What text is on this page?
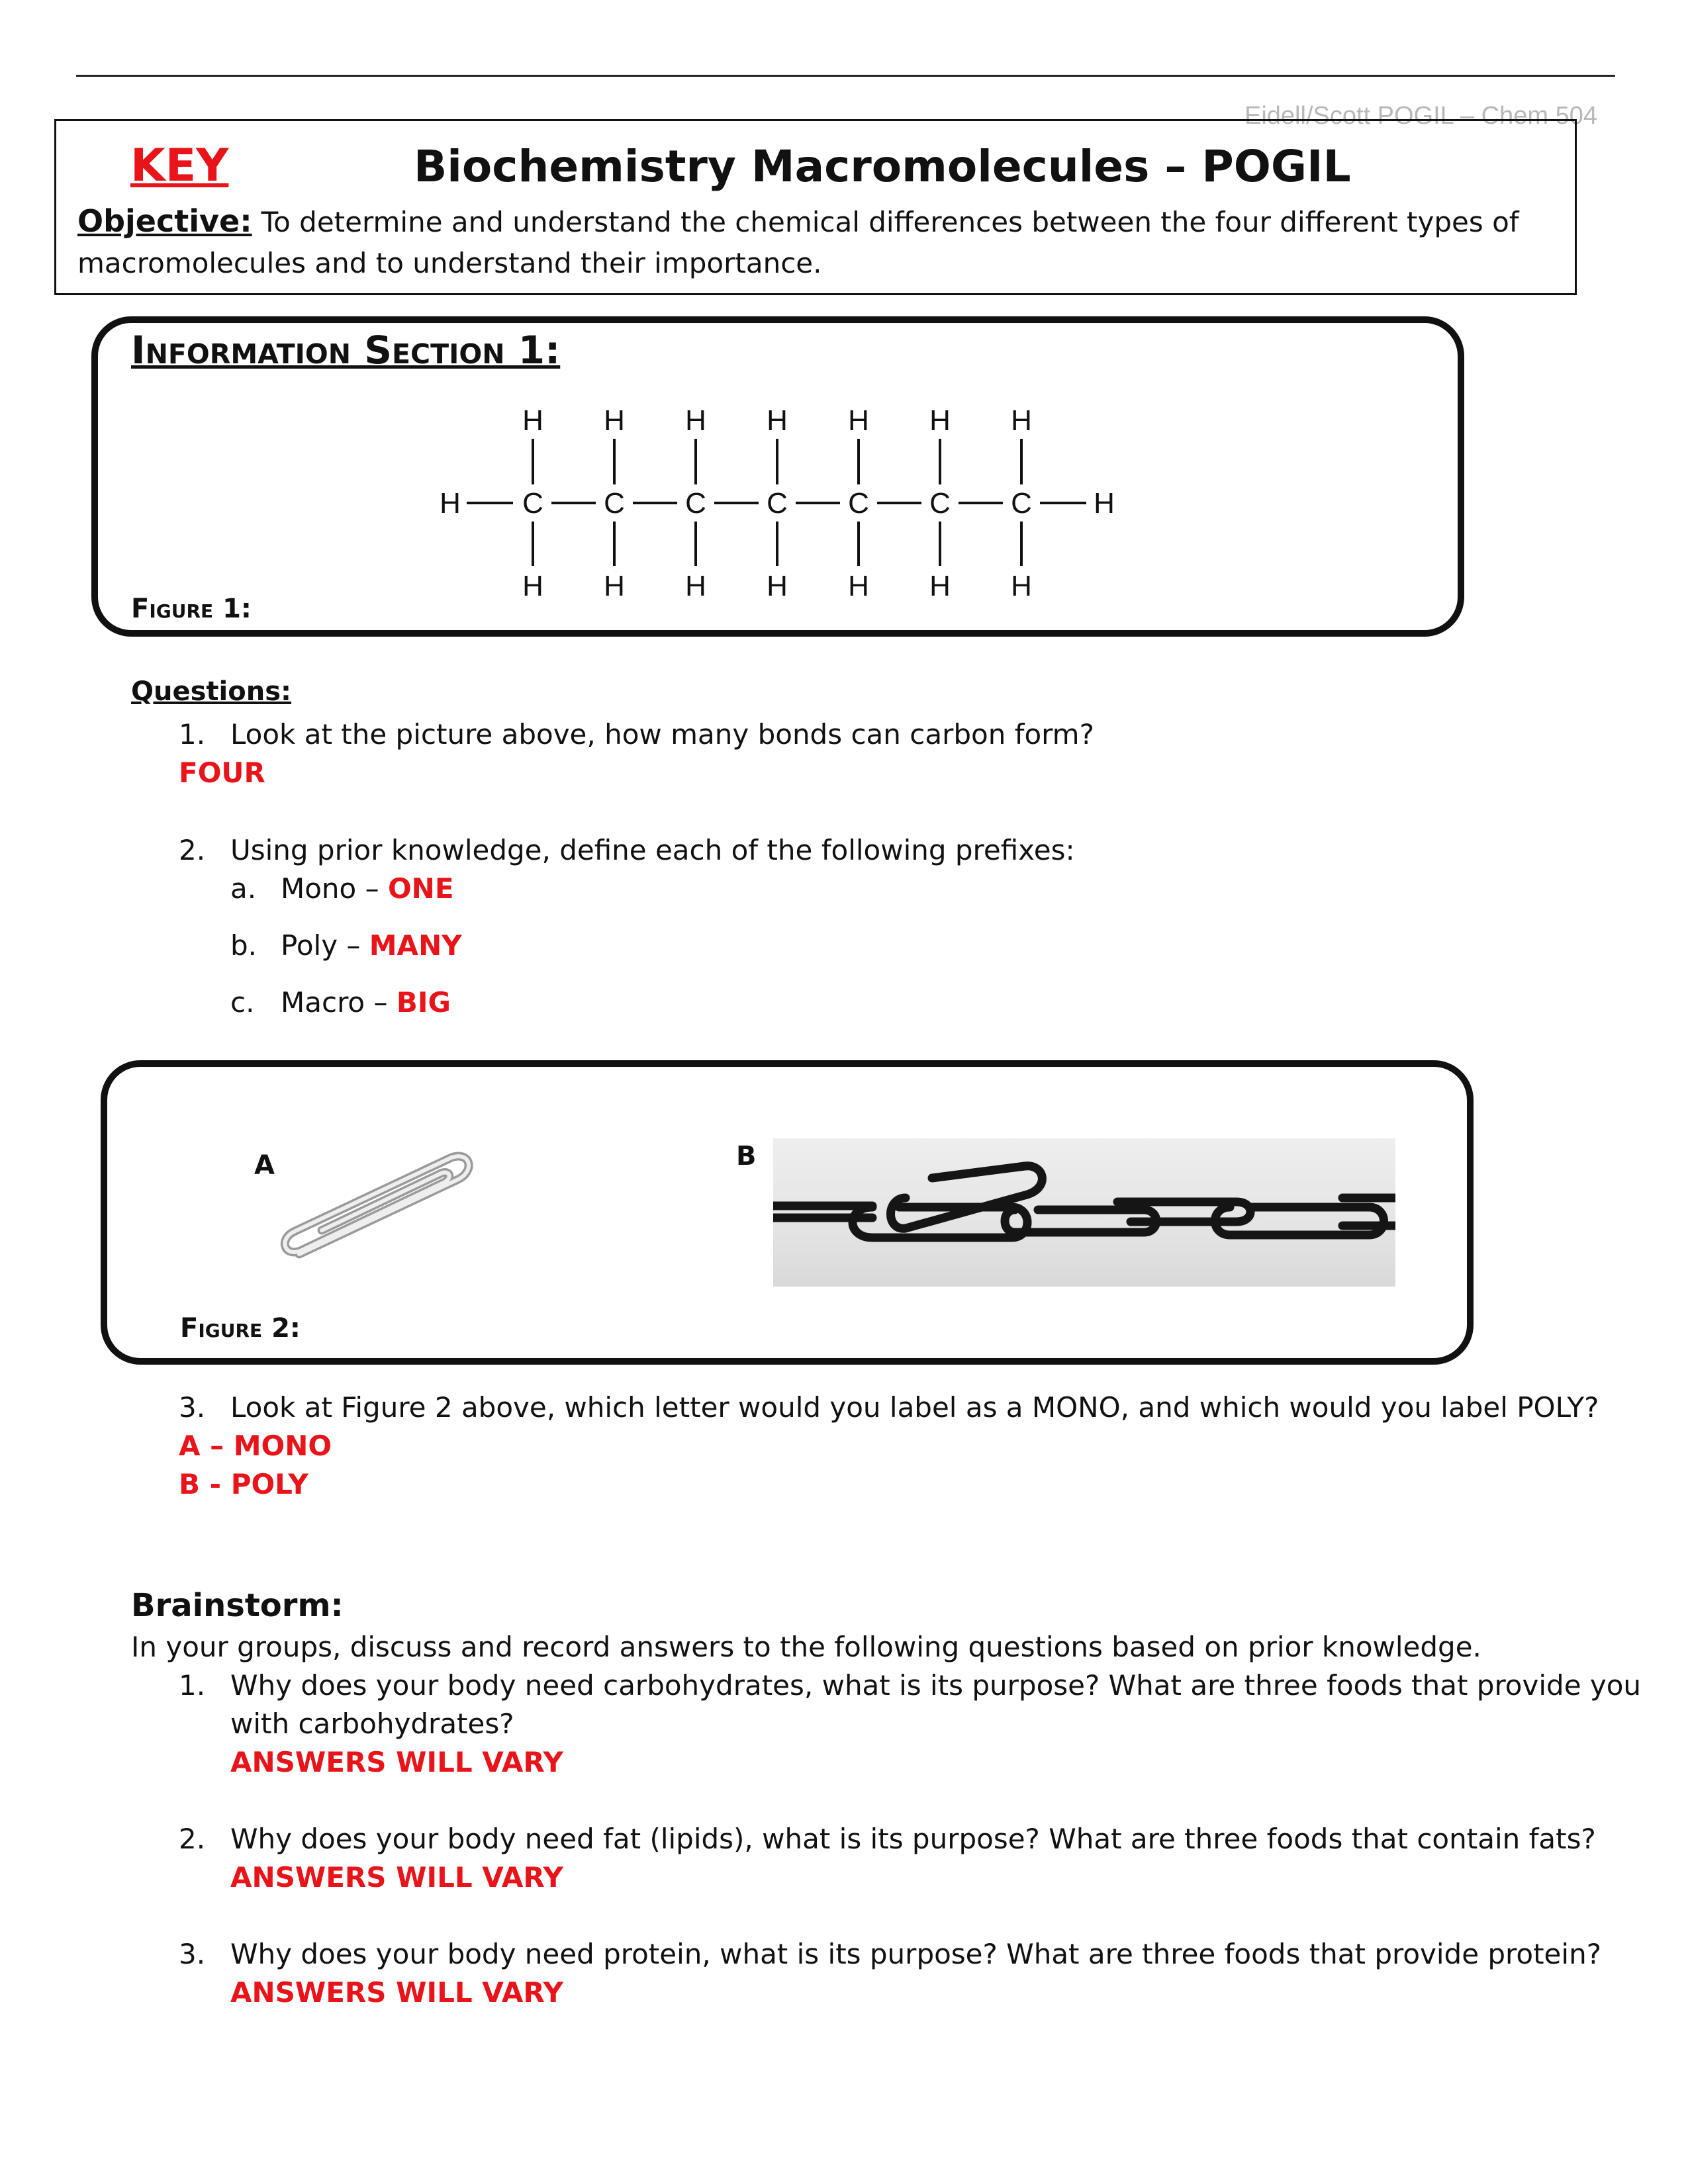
Eidell/Scott POGIL – Chem 504
KEY	Biochemistry Macromolecules – POGIL
Objective: To determine and understand the chemical differences between the four different types of macromolecules and to understand their importance.
Information Section 1:
H
H
C
H
H
C
H
H
C
H
H
C
H
H
C
H
H
C
H
H
C
H
H
Figure 1:
Questions:
1. Look at the picture above, how many bonds can carbon form?
FOUR
2. Using prior knowledge, define each of the following prefixes:
a. Mono – ONE
b. Poly – MANY
c. Macro – BIG
A	B
Figure 2:
3. Look at Figure 2 above, which letter would you label as a MONO, and which would you label POLY?
A – MONO
B - POLY
Brainstorm:
In your groups, discuss and record answers to the following questions based on prior knowledge.
1. Why does your body need carbohydrates, what is its purpose? What are three foods that provide you
with carbohydrates?
ANSWERS WILL VARY
2. Why does your body need fat (lipids), what is its purpose? What are three foods that contain fats?
ANSWERS WILL VARY
3. Why does your body need protein, what is its purpose? What are three foods that provide protein?
ANSWERS WILL VARY
